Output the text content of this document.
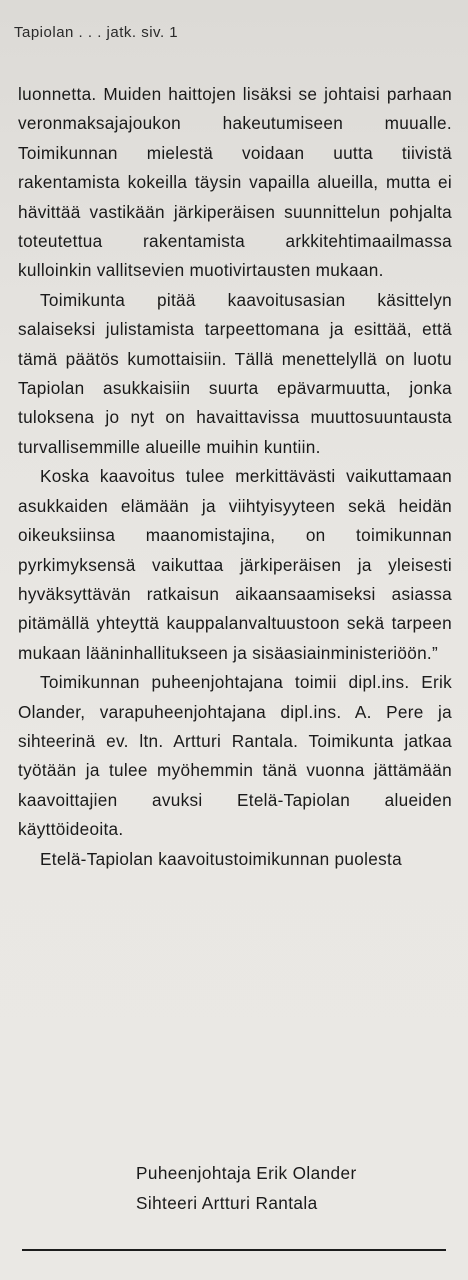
Tapiolan . . . jatk. siv. 1

luonnetta. Muiden haittojen lisäksi se johtaisi parhaan veronmaksajajoukon hakeutumiseen muualle. Toimikunnan mielestä voidaan uutta tiivistä rakentamista kokeilla täysin vapailla alueilla, mutta ei hävittää vastikään järkiperäisen suunnittelun pohjalta toteutettua rakentamista arkkitehtimaailmassa kulloinkin vallitsevien muotivirtausten mukaan.

Toimikunta pitää kaavoitusasian käsittelyn salaiseksi julistamista tarpeettomana ja esittää, että tämä päätös kumottaisiin. Tällä menettelyllä on luotu Tapiolan asukkaisiin suurta epävarmuutta, jonka tuloksena jo nyt on havaittavissa muuttosuuntausta turvallisemmille alueille muihin kuntiin.

Koska kaavoitus tulee merkittävästi vaikuttamaan asukkaiden elämään ja viihtyisyyteen sekä heidän oikeuksiinsa maanomistajina, on toimikunnan pyrkimyksensä vaikuttaa järkiperäisen ja yleisesti hyväksyttävän ratkaisun aikaansaamiseksi asiassa pitämällä yhteyttä kauppalanvaltuustoon sekä tarpeen mukaan lääninhallitukseen ja sisäasiainministeriöön.”

Toimikunnan puheenjohtajana toimii dipl.ins. Erik Olander, varapuheenjohtajana dipl.ins. A. Pere ja sihteerinä ev. ltn. Artturi Rantala. Toimikunta jatkaa työtään ja tulee myöhemmin tänä vuonna jättämään kaavoittajien avuksi Etelä-Tapiolan alueiden käyttöideoita.

Etelä-Tapiolan kaavoitustoimikunnan puolesta

Puheenjohtaja Erik Olander
Sihteeri Artturi Rantala
